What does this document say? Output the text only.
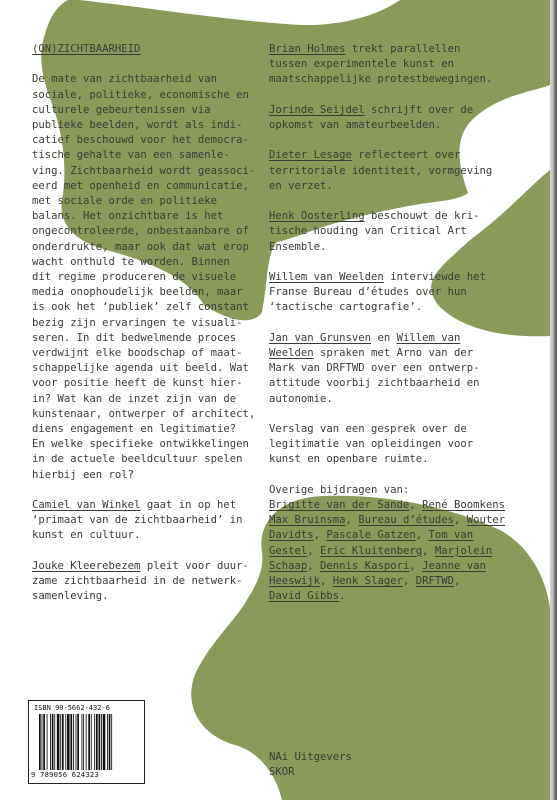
(ON)ZICHTBAARHEID

De mate van zichtbaarheid van
sociale, politieke, economische en
culturele gebeurtenissen via
publieke beelden, wordt als indi-
catief beschouwd voor het democra-
tische gehalte van een samenle-
ving. Zichtbaarheid wordt geassoci-
eerd met openheid en communicatie,
met sociale orde en politieke
balans. Het onzichtbare is het
ongecontroleerde, onbestaanbare of
onderdrukte, maar ook dat wat erop
wacht onthuld te worden. Binnen
dit regime produceren de visuele
media onophoudelijk beelden, maar
is ook het ‘publiek’ zelf constant
bezig zijn ervaringen te visuali-
seren. In dit bedwelmende proces
verdwijnt elke boodschap of maat-
schappelijke agenda uit beeld. Wat
voor positie heeft de kunst hier-
in? Wat kan de inzet zijn van de
kunstenaar, ontwerper of architect,
diens engagement en legitimatie?
En welke specifieke ontwikkelingen
in de actuele beeldcultuur spelen
hierbij een rol?

Camiel van Winkel gaat in op het
‘primaat van de zichtbaarheid’ in
kunst en cultuur.

Jouke Kleerebezem pleit voor duur-
zame zichtbaarheid in de netwerk-
samenleving.

Brian Holmes trekt parallellen
tussen experimentele kunst en
maatschappelijke protestbewegingen.

Jorinde Seijdel schrijft over de
opkomst van amateurbeelden.

Dieter Lesage reflecteert over
territoriale identiteit, vormgeving
en verzet.

Henk Oosterling beschouwt de kri-
tische houding van Critical Art
Ensemble.

Willem van Weelden interviewde het
Franse Bureau d’études over hun
‘tactische cartografie’.

Jan van Grunsven en Willem van
Weelden spraken met Arno van der
Mark van DRFTWD over een ontwerp-
attitude voorbij zichtbaarheid en
autonomie.

Verslag van een gesprek over de
legitimatie van opleidingen voor
kunst en openbare ruimte.

Overige bijdragen van:
Brigitte van der Sande, René Boomkens
Max Bruinsma, Bureau d’études, Wouter Davidts, Pascale Gatzen, Tom van Gestel, Eric Kluitenberg, Marjolein Schaap, Dennis Kaspori, Jeanne van Heeswijk, Henk Slager, DRFTWD,
David Gibbs.
ISBN 90-5662-432-6
9 789056 624323
NAi Uitgevers
SKOR
